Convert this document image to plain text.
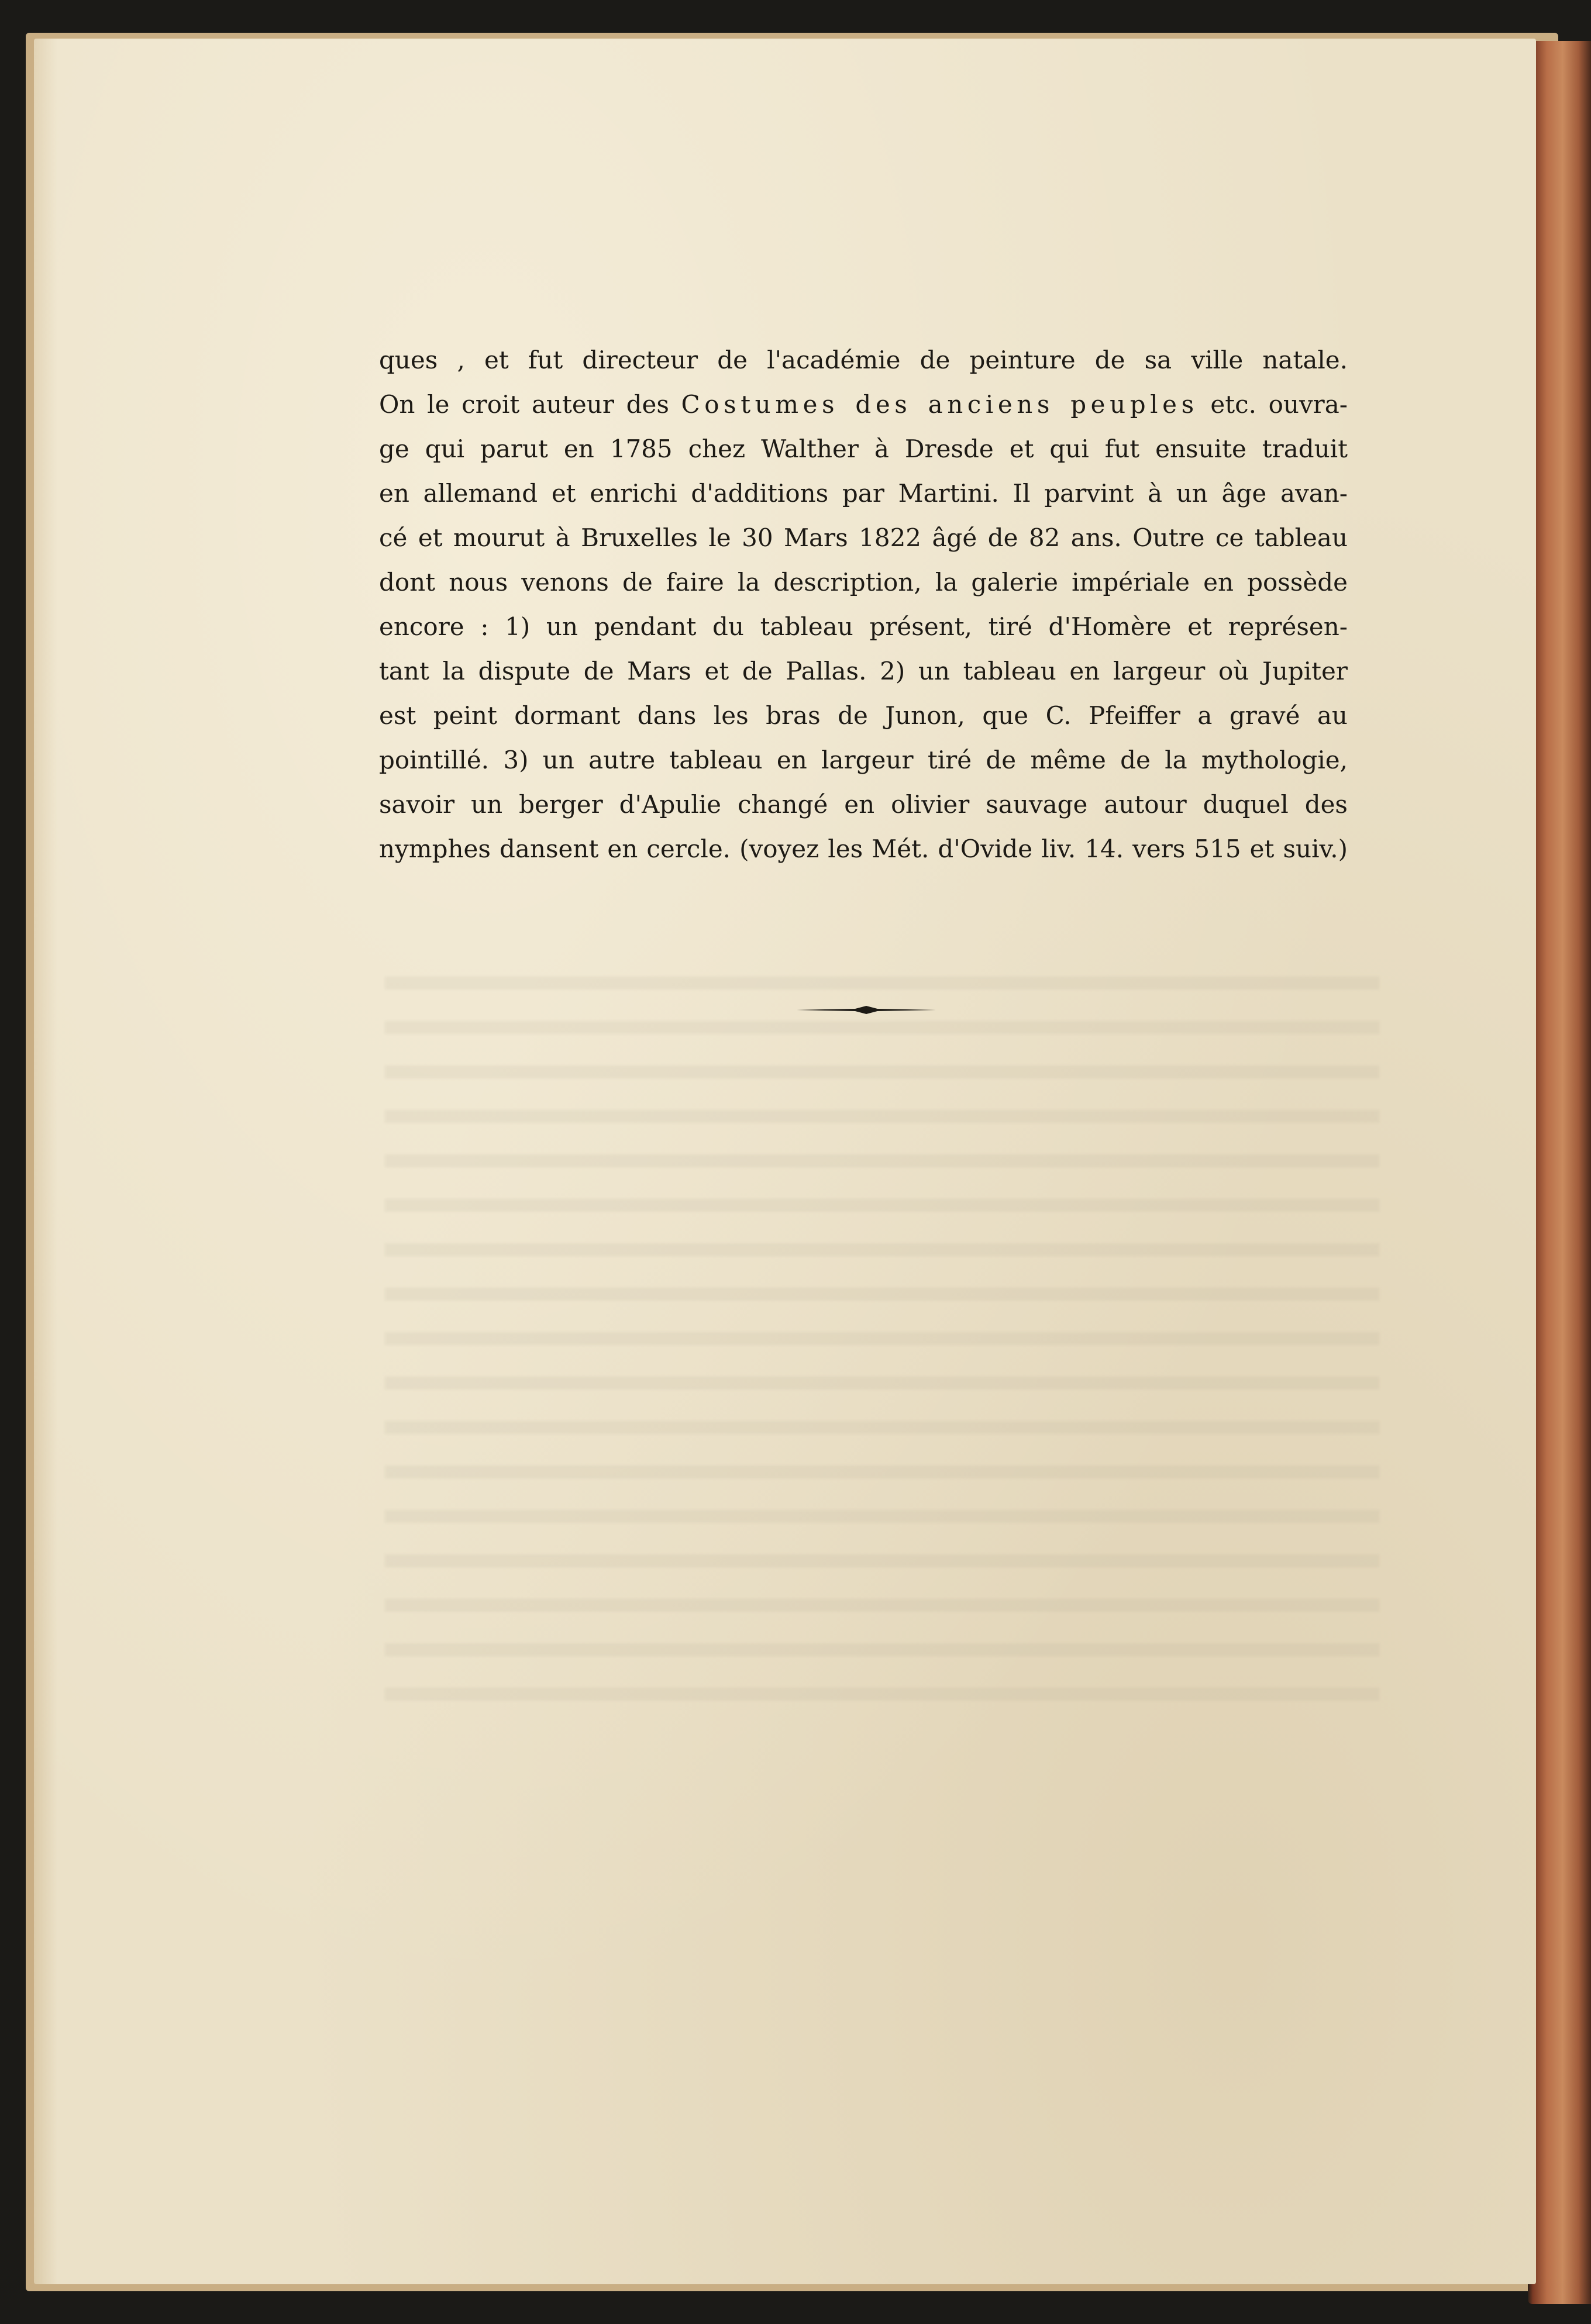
ques , et fut directeur de l'académie de peinture de sa ville natale.

On le croit auteur des Costumes des anciens peuples etc. ouvra-

ge qui parut en 1785 chez Walther à Dresde et qui fut ensuite traduit

en allemand et enrichi d'additions par Martini. Il parvint à un âge avan-

cé et mourut à Bruxelles le 30 Mars 1822 âgé de 82 ans. Outre ce tableau

dont nous venons de faire la description, la galerie impériale en possède

encore : 1) un pendant du tableau présent, tiré d'Homère et représen-

tant la dispute de Mars et de Pallas. 2) un tableau en largeur où Jupiter

est peint dormant dans les bras de Junon, que C. Pfeiffer a gravé au

pointillé. 3) un autre tableau en largeur tiré de même de la mythologie,

savoir un berger d'Apulie changé en olivier sauvage autour duquel des

nymphes dansent en cercle. (voyez les Mét. d'Ovide liv. 14. vers 515 et suiv.)
